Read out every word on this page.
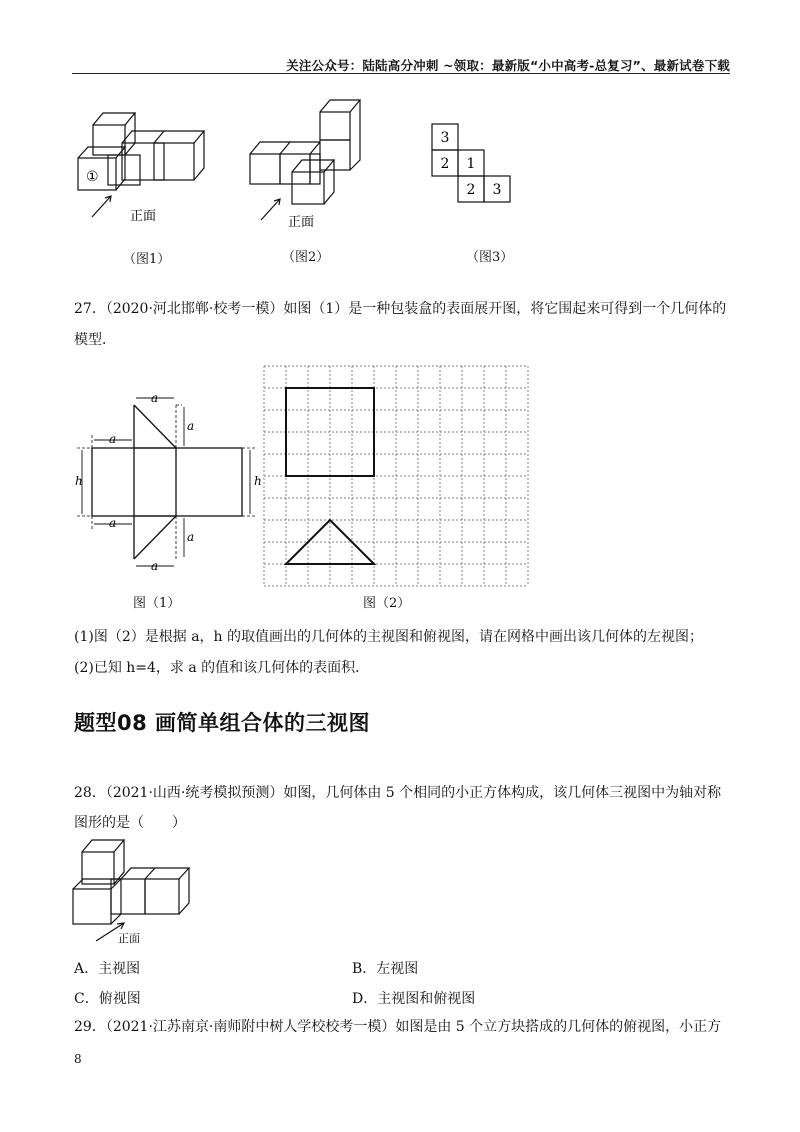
关注公众号：陆陆高分冲刺 ~领取：最新版“小中高考-总复习”、最新试卷下载
①
正面
（图1）
正面
（图2）
3
2 1
2 3
（图3）
27．（2020·河北邯郸·校考一模）如图（1）是一种包装盒的表面展开图，将它围起来可得到一个几何体的
模型．
a
a
a
h	h
a
a
a
图（1）	图（2）
(1)图（2）是根据 a，h 的取值画出的几何体的主视图和俯视图，请在网格中画出该几何体的左视图；
(2)已知 h=4，求 a 的值和该几何体的表面积．
题型08 画简单组合体的三视图
28．（2021·山西·统考模拟预测）如图，几何体由 5 个相同的小正方体构成，该几何体三视图中为轴对称
图形的是（　　）
正面
A．主视图	B．左视图
C．俯视图	D．主视图和俯视图
29．（2021·江苏南京·南师附中树人学校校考一模）如图是由 5 个立方块搭成的几何体的俯视图，小正方
8
